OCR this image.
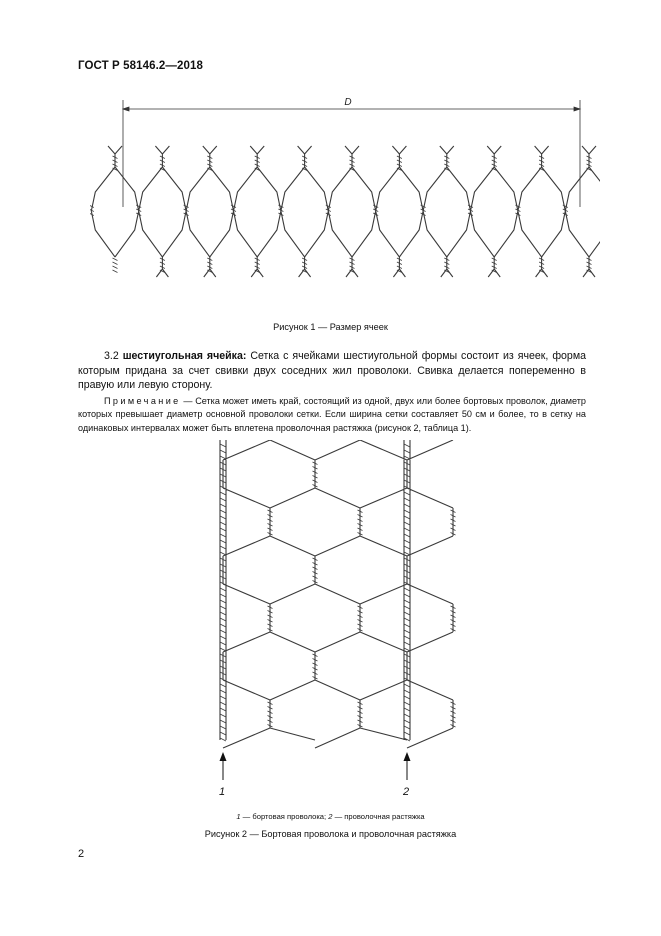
ГОСТ Р 58146.2—2018
D
Рисунок 1 — Размер ячеек
3.2 шестиугольная ячейка: Сетка с ячейками шестиугольной формы состоит из ячеек, форма которым придана за счет свивки двух соседних жил проволоки. Свивка делается попеременно в правую или левую сторону.
Примечание — Сетка может иметь край, состоящий из одной, двух или более бортовых проволок, диаметр которых превышает диаметр основной проволоки сетки. Если ширина сетки составляет 50 см и более, то в сетку на одинаковых интервалах может быть вплетена проволочная растяжка (рисунок 2, таблица 1).
1	2
1 — бортовая проволока; 2 — проволочная растяжка
Рисунок 2 — Бортовая проволока и проволочная растяжка
2
